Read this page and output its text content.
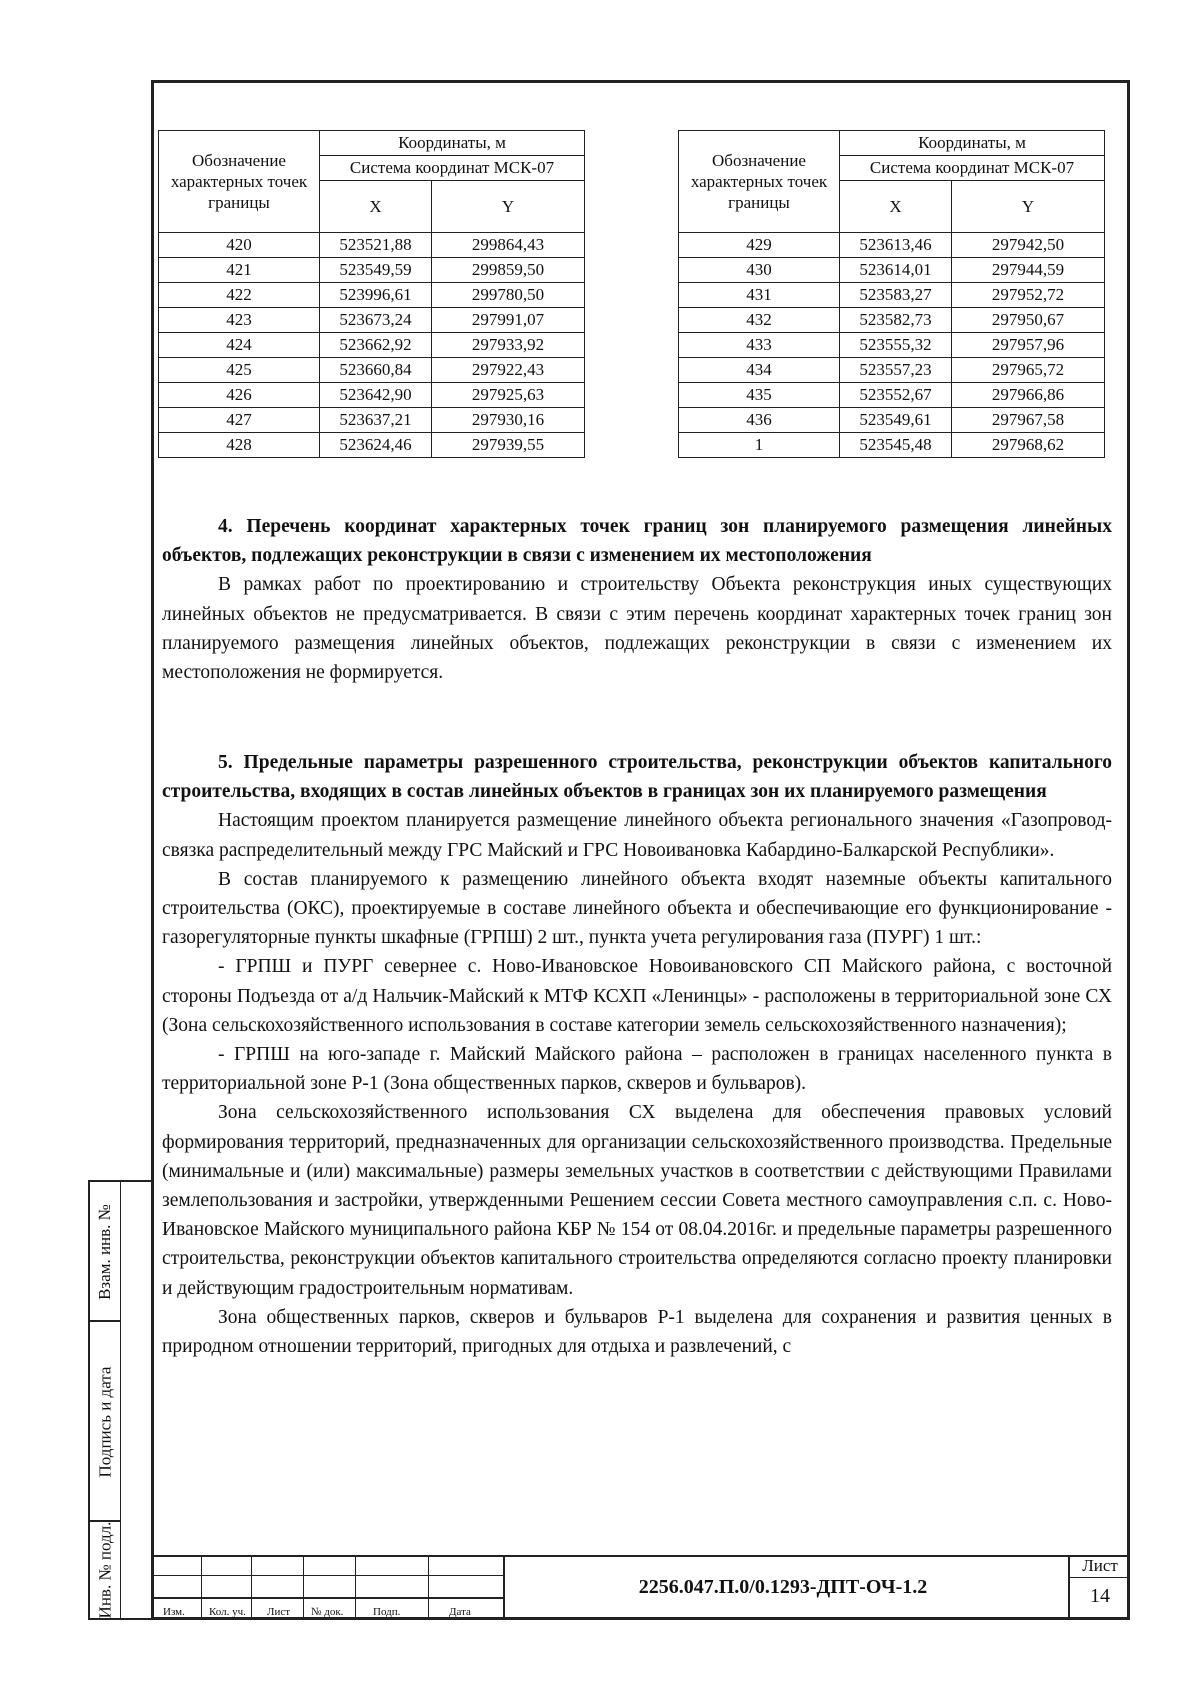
Обозначение характерных точек границы	Координаты, м	
	Система координат МСК-07	
	X	Y
420	523521,88	299864,43
421	523549,59	299859,50
422	523996,61	299780,50
423	523673,24	297991,07
424	523662,92	297933,92
425	523660,84	297922,43
426	523642,90	297925,63
427	523637,21	297930,16
428	523624,46	297939,55
Обозначение характерных точек границы	Координаты, м	
	Система координат МСК-07	
	X	Y
429	523613,46	297942,50
430	523614,01	297944,59
431	523583,27	297952,72
432	523582,73	297950,67
433	523555,32	297957,96
434	523557,23	297965,72
435	523552,67	297966,86
436	523549,61	297967,58
1	523545,48	297968,62
4. Перечень координат характерных точек границ зон планируемого размещения линейных объектов, подлежащих реконструкции в связи с изменением их местоположения

В рамках работ по проектированию и строительству Объекта реконструкция иных существующих линейных объектов не предусматривается. В связи с этим перечень координат характерных точек границ зон планируемого размещения линейных объектов, подлежащих реконструкции в связи с изменением их местоположения не формируется.

5. Предельные параметры разрешенного строительства, реконструкции объектов капитального строительства, входящих в состав линейных объектов в границах зон их планируемого размещения

Настоящим проектом планируется размещение линейного объекта регионального значения «Газопровод-связка распределительный между ГРС Майский и ГРС Новоивановка Кабардино-Балкарской Республики».

В состав планируемого к размещению линейного объекта входят наземные объекты капитального строительства (ОКС), проектируемые в составе линейного объекта и обеспечивающие его функционирование - газорегуляторные пункты шкафные (ГРПШ) 2 шт., пункта учета регулирования газа (ПУРГ) 1 шт.:

- ГРПШ и ПУРГ севернее с. Ново-Ивановское Новоивановского СП Майского района, с восточной стороны Подъезда от а/д Нальчик-Майский к МТФ КСХП «Ленинцы» - расположены в территориальной зоне СХ (Зона сельскохозяйственного использования в составе категории земель сельскохозяйственного назначения);

- ГРПШ на юго-западе г. Майский Майского района – расположен в границах населенного пункта в территориальной зоне Р-1 (Зона общественных парков, скверов и бульваров).

Зона сельскохозяйственного использования СХ выделена для обеспечения правовых условий формирования территорий, предназначенных для организации сельскохозяйственного производства. Предельные (минимальные и (или) максимальные) размеры земельных участков в соответствии с действующими Правилами землепользования и застройки, утвержденными Решением сессии Совета местного самоуправления с.п. с. Ново-Ивановское Майского муниципального района КБР № 154 от 08.04.2016г. и предельные параметры разрешенного строительства, реконструкции объектов капитального строительства определяются согласно проекту планировки и действующим градостроительным нормативам.

Зона общественных парков, скверов и бульваров Р-1 выделена для сохранения и развития ценных в природном отношении территорий, пригодных для отдыха и развлечений, с

Взам. инв. №
Подпись и дата
Инв. № подл.	Изм. Кол. уч. Лист № док.	Подп.	Дата
2256.047.П.0/0.1293-ДПТ-ОЧ-1.2
Лист
14
